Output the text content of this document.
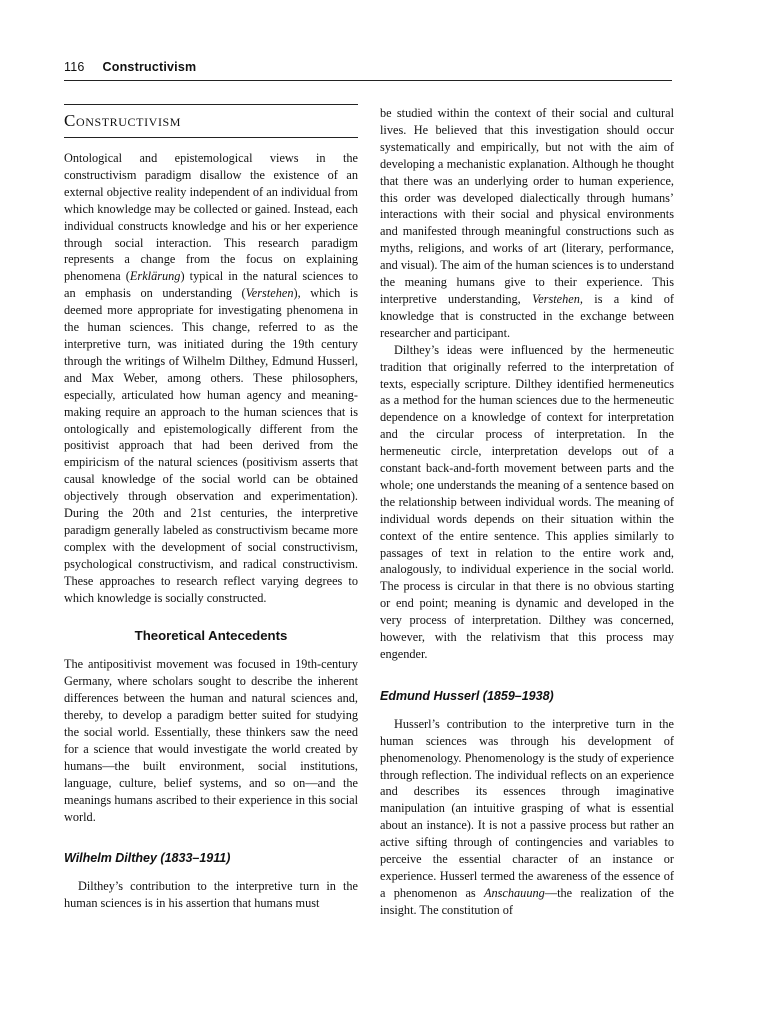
116 Constructivism
Constructivism

Ontological and epistemological views in the constructivism paradigm disallow the existence of an external objective reality independent of an individual from which knowledge may be collected or gained. Instead, each individual constructs knowledge and his or her experience through social interaction. This research paradigm represents a change from the focus on explaining phenomena (Erklärung) typical in the natural sciences to an emphasis on understanding (Verstehen), which is deemed more appropriate for investigating phenomena in the human sciences. This change, referred to as the interpretive turn, was initiated during the 19th century through the writings of Wilhelm Dilthey, Edmund Husserl, and Max Weber, among others. These philosophers, especially, articulated how human agency and meaning-making require an approach to the human sciences that is ontologically and epistemologically different from the positivist approach that had been derived from the empiricism of the natural sciences (positivism asserts that causal knowledge of the social world can be obtained objectively through observation and experimentation). During the 20th and 21st centuries, the interpretive paradigm generally labeled as constructivism became more complex with the development of social constructivism, psychological constructivism, and radical constructivism. These approaches to research reflect varying degrees to which knowledge is socially constructed.

Theoretical Antecedents

The antipositivist movement was focused in 19th-century Germany, where scholars sought to describe the inherent differences between the human and natural sciences and, thereby, to develop a paradigm better suited for studying the social world. Essentially, these thinkers saw the need for a science that would investigate the world created by humans—the built environment, social institutions, language, culture, belief systems, and so on—and the meanings humans ascribed to their experience in this social world.

Wilhelm Dilthey (1833–1911)

Dilthey’s contribution to the interpretive turn in the human sciences is in his assertion that humans must

be studied within the context of their social and cultural lives. He believed that this investigation should occur systematically and empirically, but not with the aim of developing a mechanistic explanation. Although he thought that there was an underlying order to human experience, this order was developed dialectically through humans’ interactions with their social and physical environments and manifested through meaningful constructions such as myths, religions, and works of art (literary, performance, and visual). The aim of the human sciences is to understand the meaning humans give to their experience. This interpretive understanding, Verstehen, is a kind of knowledge that is constructed in the exchange between researcher and participant.

Dilthey’s ideas were influenced by the hermeneutic tradition that originally referred to the interpretation of texts, especially scripture. Dilthey identified hermeneutics as a method for the human sciences due to the hermeneutic dependence on a knowledge of context for interpretation and the circular process of interpretation. In the hermeneutic circle, interpretation develops out of a constant back-and-forth movement between parts and the whole; one understands the meaning of a sentence based on the relationship between individual words. The meaning of individual words depends on their situation within the context of the entire sentence. This applies similarly to passages of text in relation to the entire work and, analogously, to individual experience in the social world. The process is circular in that there is no obvious starting or end point; meaning is dynamic and developed in the very process of interpretation. Dilthey was concerned, however, with the relativism that this process may engender.

Edmund Husserl (1859–1938)

Husserl’s contribution to the interpretive turn in the human sciences was through his development of phenomenology. Phenomenology is the study of experience through reflection. The individual reflects on an experience and describes its essences through imaginative manipulation (an intuitive grasping of what is essential about an instance). It is not a passive process but rather an active sifting through of contingencies and variables to perceive the essential character of an instance or experience. Husserl termed the awareness of the essence of a phenomenon as Anschauung—the realization of the insight. The constitution of
